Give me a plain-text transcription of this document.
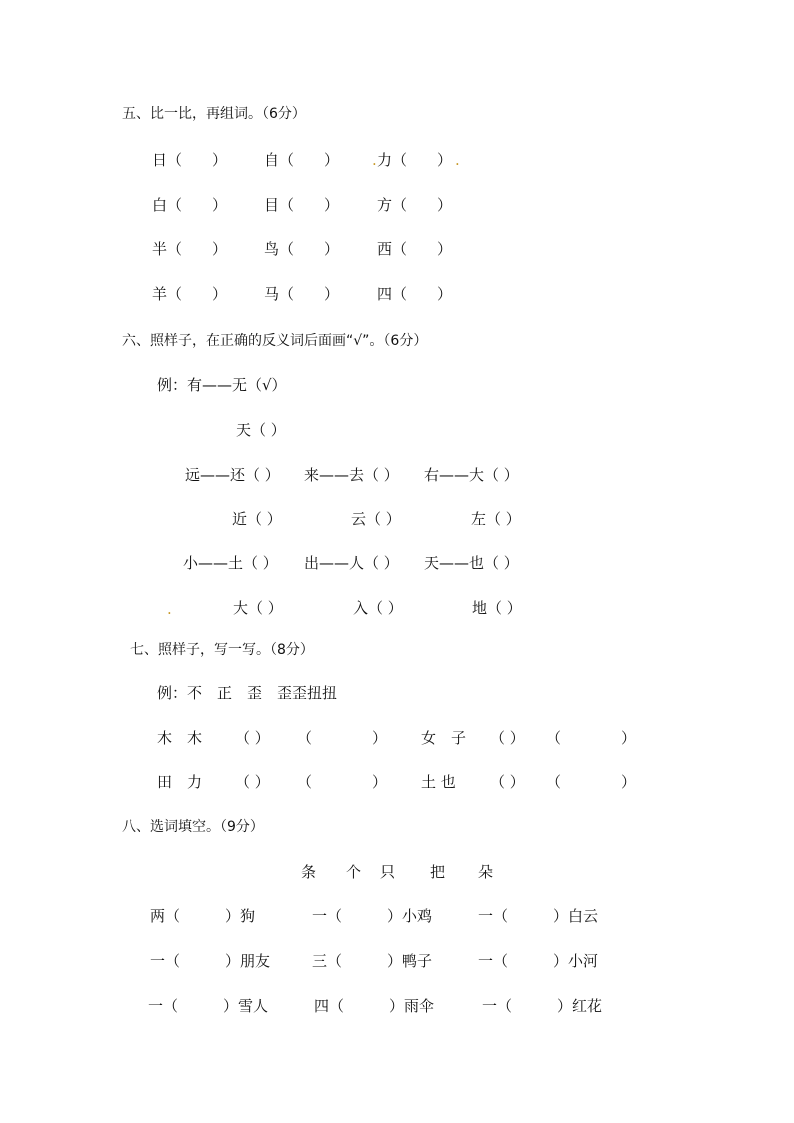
五、比一比，再组词。（6分）
日（　　） 自（　　） . 力（　　） .
白（　　） 目（　　）	方（　　）
半（　　） 鸟（　　）	西（　　）
羊（　　） 马（　　）	四（　　）
六、照样子，在正确的反义词后面画“√”。（6分）
例：有——无（√）
天（ ）
远——还（ ） 来——去（ ） 右——大（ ）
近（ ）	云（ ）	左（ ）
小——土（ ） 出——人（ ） 天——也（ ）
.	大（ ）	入（ ）	地（ ）
七、照样子，写一写。（8分）
例：不　正　歪　歪歪扭扭
木　木 （ ） （　　　　） 女　子 （ ） （　　　　）
田　力 （ ） （　　　　） 土 也 （ ） （　　　　）
八、选词填空。（9分）
条 个 只 把 朵
两（　　　）狗	一（　　　）小鸡	一（　　　）白云
一（　　　）朋友	三（　　　）鸭子	一（　　　）小河
一（　　　）雪人	四（　　　）雨伞	一（　　　）红花
